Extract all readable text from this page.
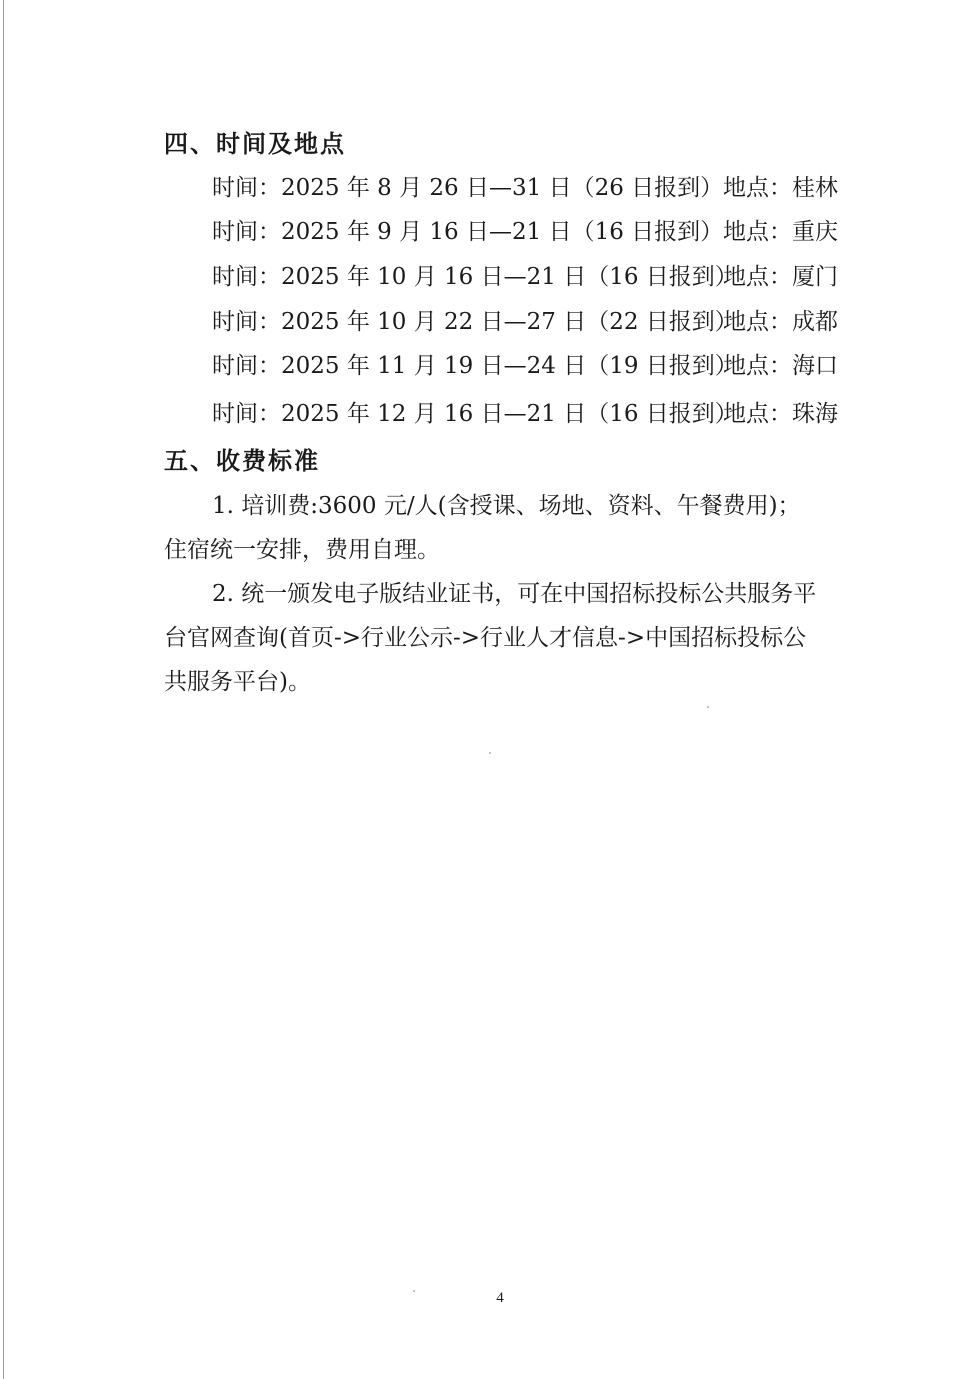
四、时间及地点
时间：2025 年 8 月 26 日—31 日（26 日报到） 地点：桂林
时间：2025 年 9 月 16 日—21 日（16 日报到） 地点：重庆
时间：2025 年 10 月 16 日—21 日（16 日报到）
地点：厦门
时间：2025 年 10 月 22 日—27 日（22 日报到）
地点：成都
时间：2025 年 11 月 19 日—24 日（19 日报到）
地点：海口
时间：2025 年 12 月 16 日—21 日（16 日报到）
地点：珠海
五、收费标准
1. 培训费:3600 元/人(含授课、场地、资料、午餐费用)；
住宿统一安排，费用自理。
2. 统一颁发电子版结业证书，可在中国招标投标公共服务平
台官网查询(首页->行业公示->行业人才信息->中国招标投标公
共服务平台)。
4
